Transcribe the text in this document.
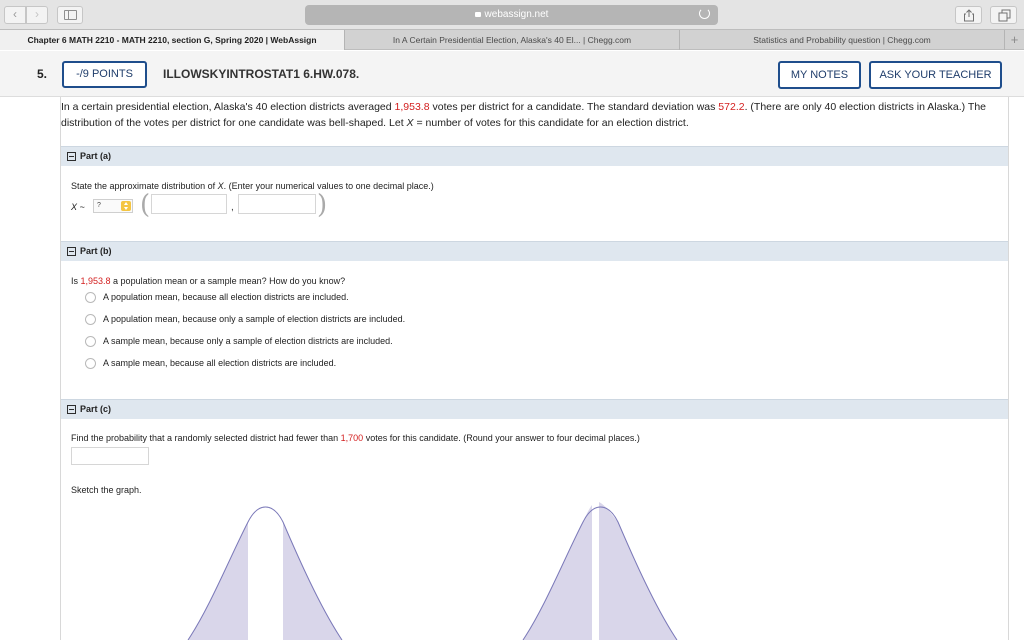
‹	›	webassign.net
Chapter 6 MATH 2210 - MATH 2210, section G, Spring 2020 | WebAssign	In A Certain Presidential Election, Alaska's 40 El... | Chegg.com	Statistics and Probability question | Chegg.com	+
5.	-/9 POINTS	ILLOWSKYINTROSTAT1 6.HW.078.	MY NOTES	ASK YOUR TEACHER
In a certain presidential election, Alaska's 40 election districts averaged 1,953.8 votes per district for a candidate. The standard deviation was 572.2. (There are only 40 election districts in Alaska.) The distribution of the votes per district for one candidate was bell-shaped. Let X = number of votes for this candidate for an election district.
Part (a)
State the approximate distribution of X. (Enter your numerical values to one decimal place.)
X ~	?	(	,	)
Part (b)
Is 1,953.8 a population mean or a sample mean? How do you know?
A population mean, because all election districts are included.
A population mean, because only a sample of election districts are included.
A sample mean, because only a sample of election districts are included.
A sample mean, because all election districts are included.
Part (c)
Find the probability that a randomly selected district had fewer than 1,700 votes for this candidate. (Round your answer to four decimal places.)
Sketch the graph.
